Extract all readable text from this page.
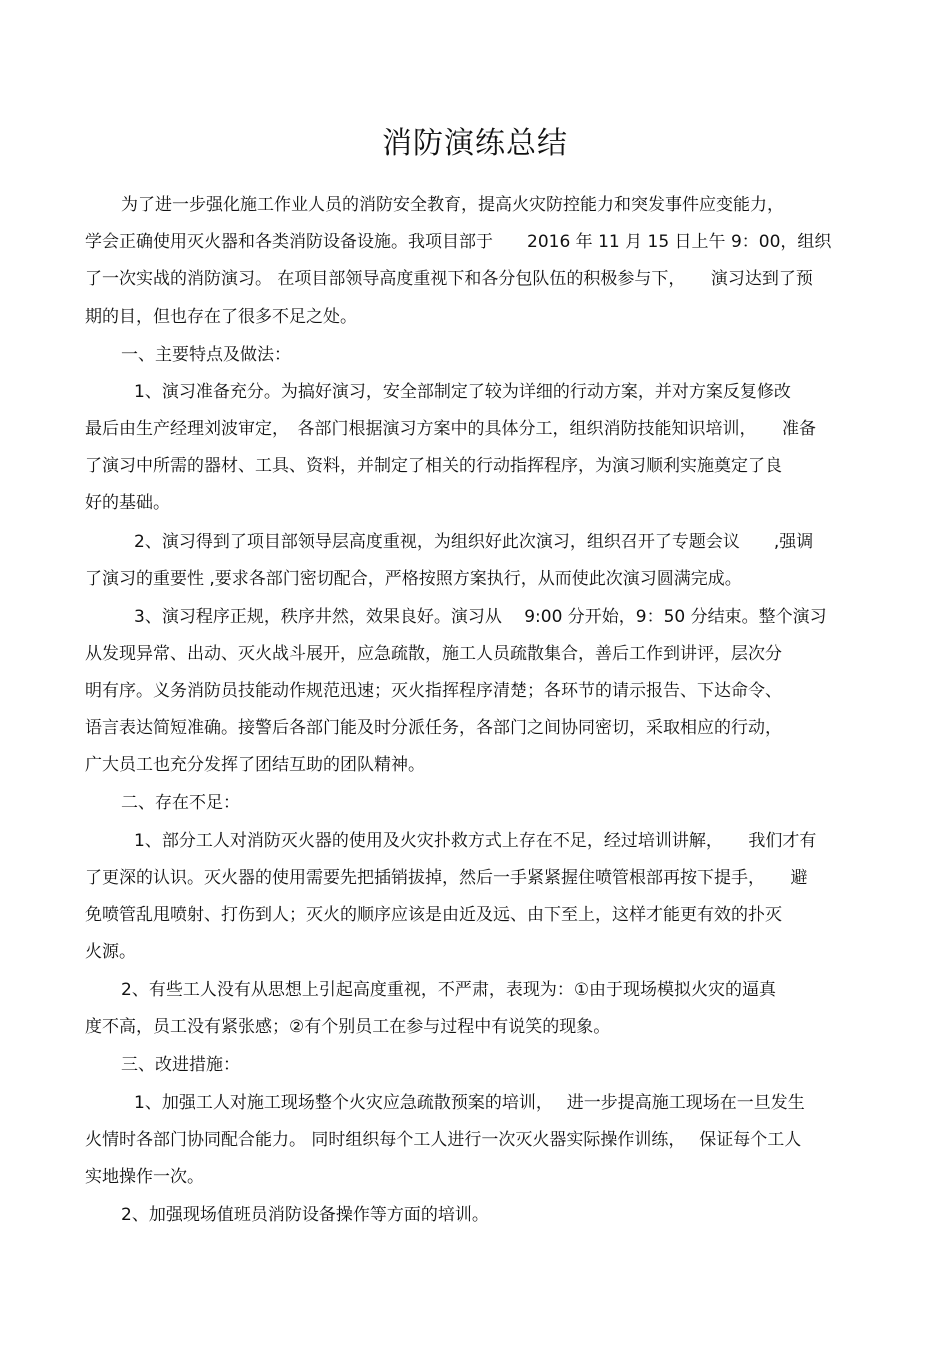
消防演练总结
为了进一步强化施工作业人员的消防安全教育，提高火灾防控能力和突发事件应变能力，
学会正确使用灭火器和各类消防设备设施。我项目部于　　2016 年 11 月 15 日上午 9：00，组织
了一次实战的消防演习。 在项目部领导高度重视下和各分包队伍的积极参与下，　　演习达到了预
期的目，但也存在了很多不足之处。
一、主要特点及做法：
1、演习准备充分。为搞好演习，安全部制定了较为详细的行动方案，并对方案反复修改
最后由生产经理刘波审定，　各部门根据演习方案中的具体分工，组织消防技能知识培训，　　准备
了演习中所需的器材、工具、资料，并制定了相关的行动指挥程序，为演习顺利实施奠定了良
好的基础。
2、演习得到了项目部领导层高度重视，为组织好此次演习，组织召开了专题会议　　,强调
了演习的重要性 ,要求各部门密切配合，严格按照方案执行，从而使此次演习圆满完成。
3、演习程序正规，秩序井然，效果良好。演习从　 9:00 分开始，9：50 分结束。整个演习
从发现异常、出动、灭火战斗展开，应急疏散，施工人员疏散集合，善后工作到讲评，层次分
明有序。义务消防员技能动作规范迅速；灭火指挥程序清楚；各环节的请示报告、下达命令、
语言表达简短准确。接警后各部门能及时分派任务，各部门之间协同密切，采取相应的行动，
广大员工也充分发挥了团结互助的团队精神。
二、存在不足：
1、部分工人对消防灭火器的使用及火灾扑救方式上存在不足，经过培训讲解，　　我们才有
了更深的认识。灭火器的使用需要先把插销拔掉，然后一手紧紧握住喷管根部再按下提手，　　避
免喷管乱甩喷射、打伤到人；灭火的顺序应该是由近及远、由下至上，这样才能更有效的扑灭
火源。
2、有些工人没有从思想上引起高度重视，不严肃，表现为：①由于现场模拟火灾的逼真
度不高，员工没有紧张感；②有个别员工在参与过程中有说笑的现象。
三、改进措施：
1、加强工人对施工现场整个火灾应急疏散预案的培训，　 进一步提高施工现场在一旦发生
火情时各部门协同配合能力。 同时组织每个工人进行一次灭火器实际操作训练，　 保证每个工人
实地操作一次。
2、加强现场值班员消防设备操作等方面的培训。
